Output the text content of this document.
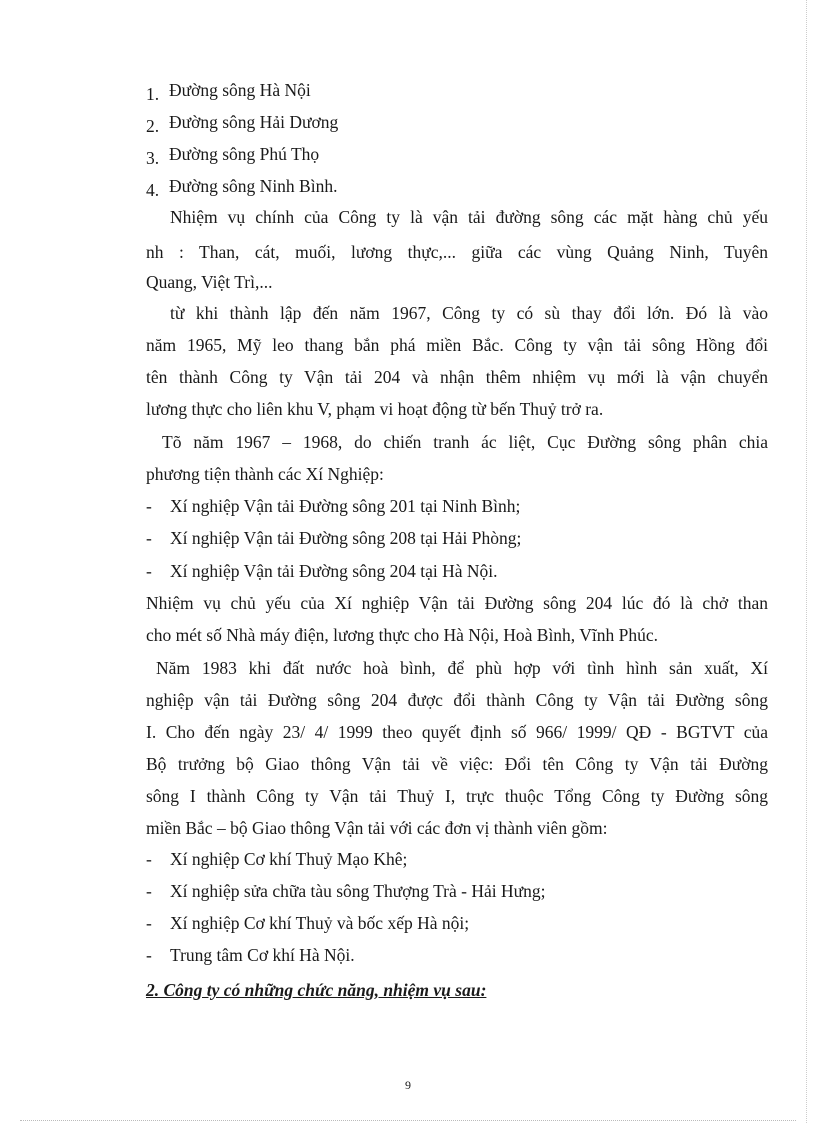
1. Đường sông Hà Nội
2. Đường sông Hải Dương
3. Đường sông Phú Thọ
4. Đường sông Ninh Bình.
Nhiệm vụ chính của Công ty là vận tải đường sông các mặt hàng chủ yếu
nh : Than, cát, muối, lương thực,... giữa các vùng Quảng Ninh, Tuyên
Quang, Việt Trì,...
từ khi thành lập đến năm 1967, Công ty có sù thay đổi lớn. Đó là vào
năm 1965, Mỹ leo thang bắn phá miền Bắc. Công ty vận tải sông Hồng đổi
tên thành Công ty Vận tải 204 và nhận thêm nhiệm vụ mới là vận chuyển
lương thực cho liên khu V, phạm vi hoạt động từ bến Thuỷ trở ra.
Tõ năm 1967 – 1968, do chiến tranh ác liệt, Cục Đường sông phân chia
phương tiện thành các Xí Nghiệp:
- Xí nghiệp Vận tải Đường sông 201 tại Ninh Bình;
- Xí nghiệp Vận tải Đường sông 208 tại Hải Phòng;
- Xí nghiệp Vận tải Đường sông 204 tại Hà Nội.
Nhiệm vụ chủ yếu của Xí nghiệp Vận tải Đường sông 204 lúc đó là chở than
cho mét số Nhà máy điện, lương thực cho Hà Nội, Hoà Bình, Vĩnh Phúc.
Năm 1983 khi đất nước hoà bình, để phù hợp với tình hình sản xuất, Xí
nghiệp vận tải Đường sông 204 được đổi thành Công ty Vận tải Đường sông
I. Cho đến ngày 23/ 4/ 1999 theo quyết định số 966/ 1999/ QĐ - BGTVT của
Bộ trưởng bộ Giao thông Vận tải về việc: Đổi tên Công ty Vận tải Đường
sông I thành Công ty Vận tải Thuỷ I, trực thuộc Tổng Công ty Đường sông
miền Bắc – bộ Giao thông Vận tải với các đơn vị thành viên gồm:
- Xí nghiệp Cơ khí Thuỷ Mạo Khê;
- Xí nghiệp sửa chữa tàu sông Thượng Trà - Hải Hưng;
- Xí nghiệp Cơ khí Thuỷ và bốc xếp Hà nội;
- Trung tâm Cơ khí Hà Nội.
2. Công ty có những chức năng, nhiệm vụ sau:
9
